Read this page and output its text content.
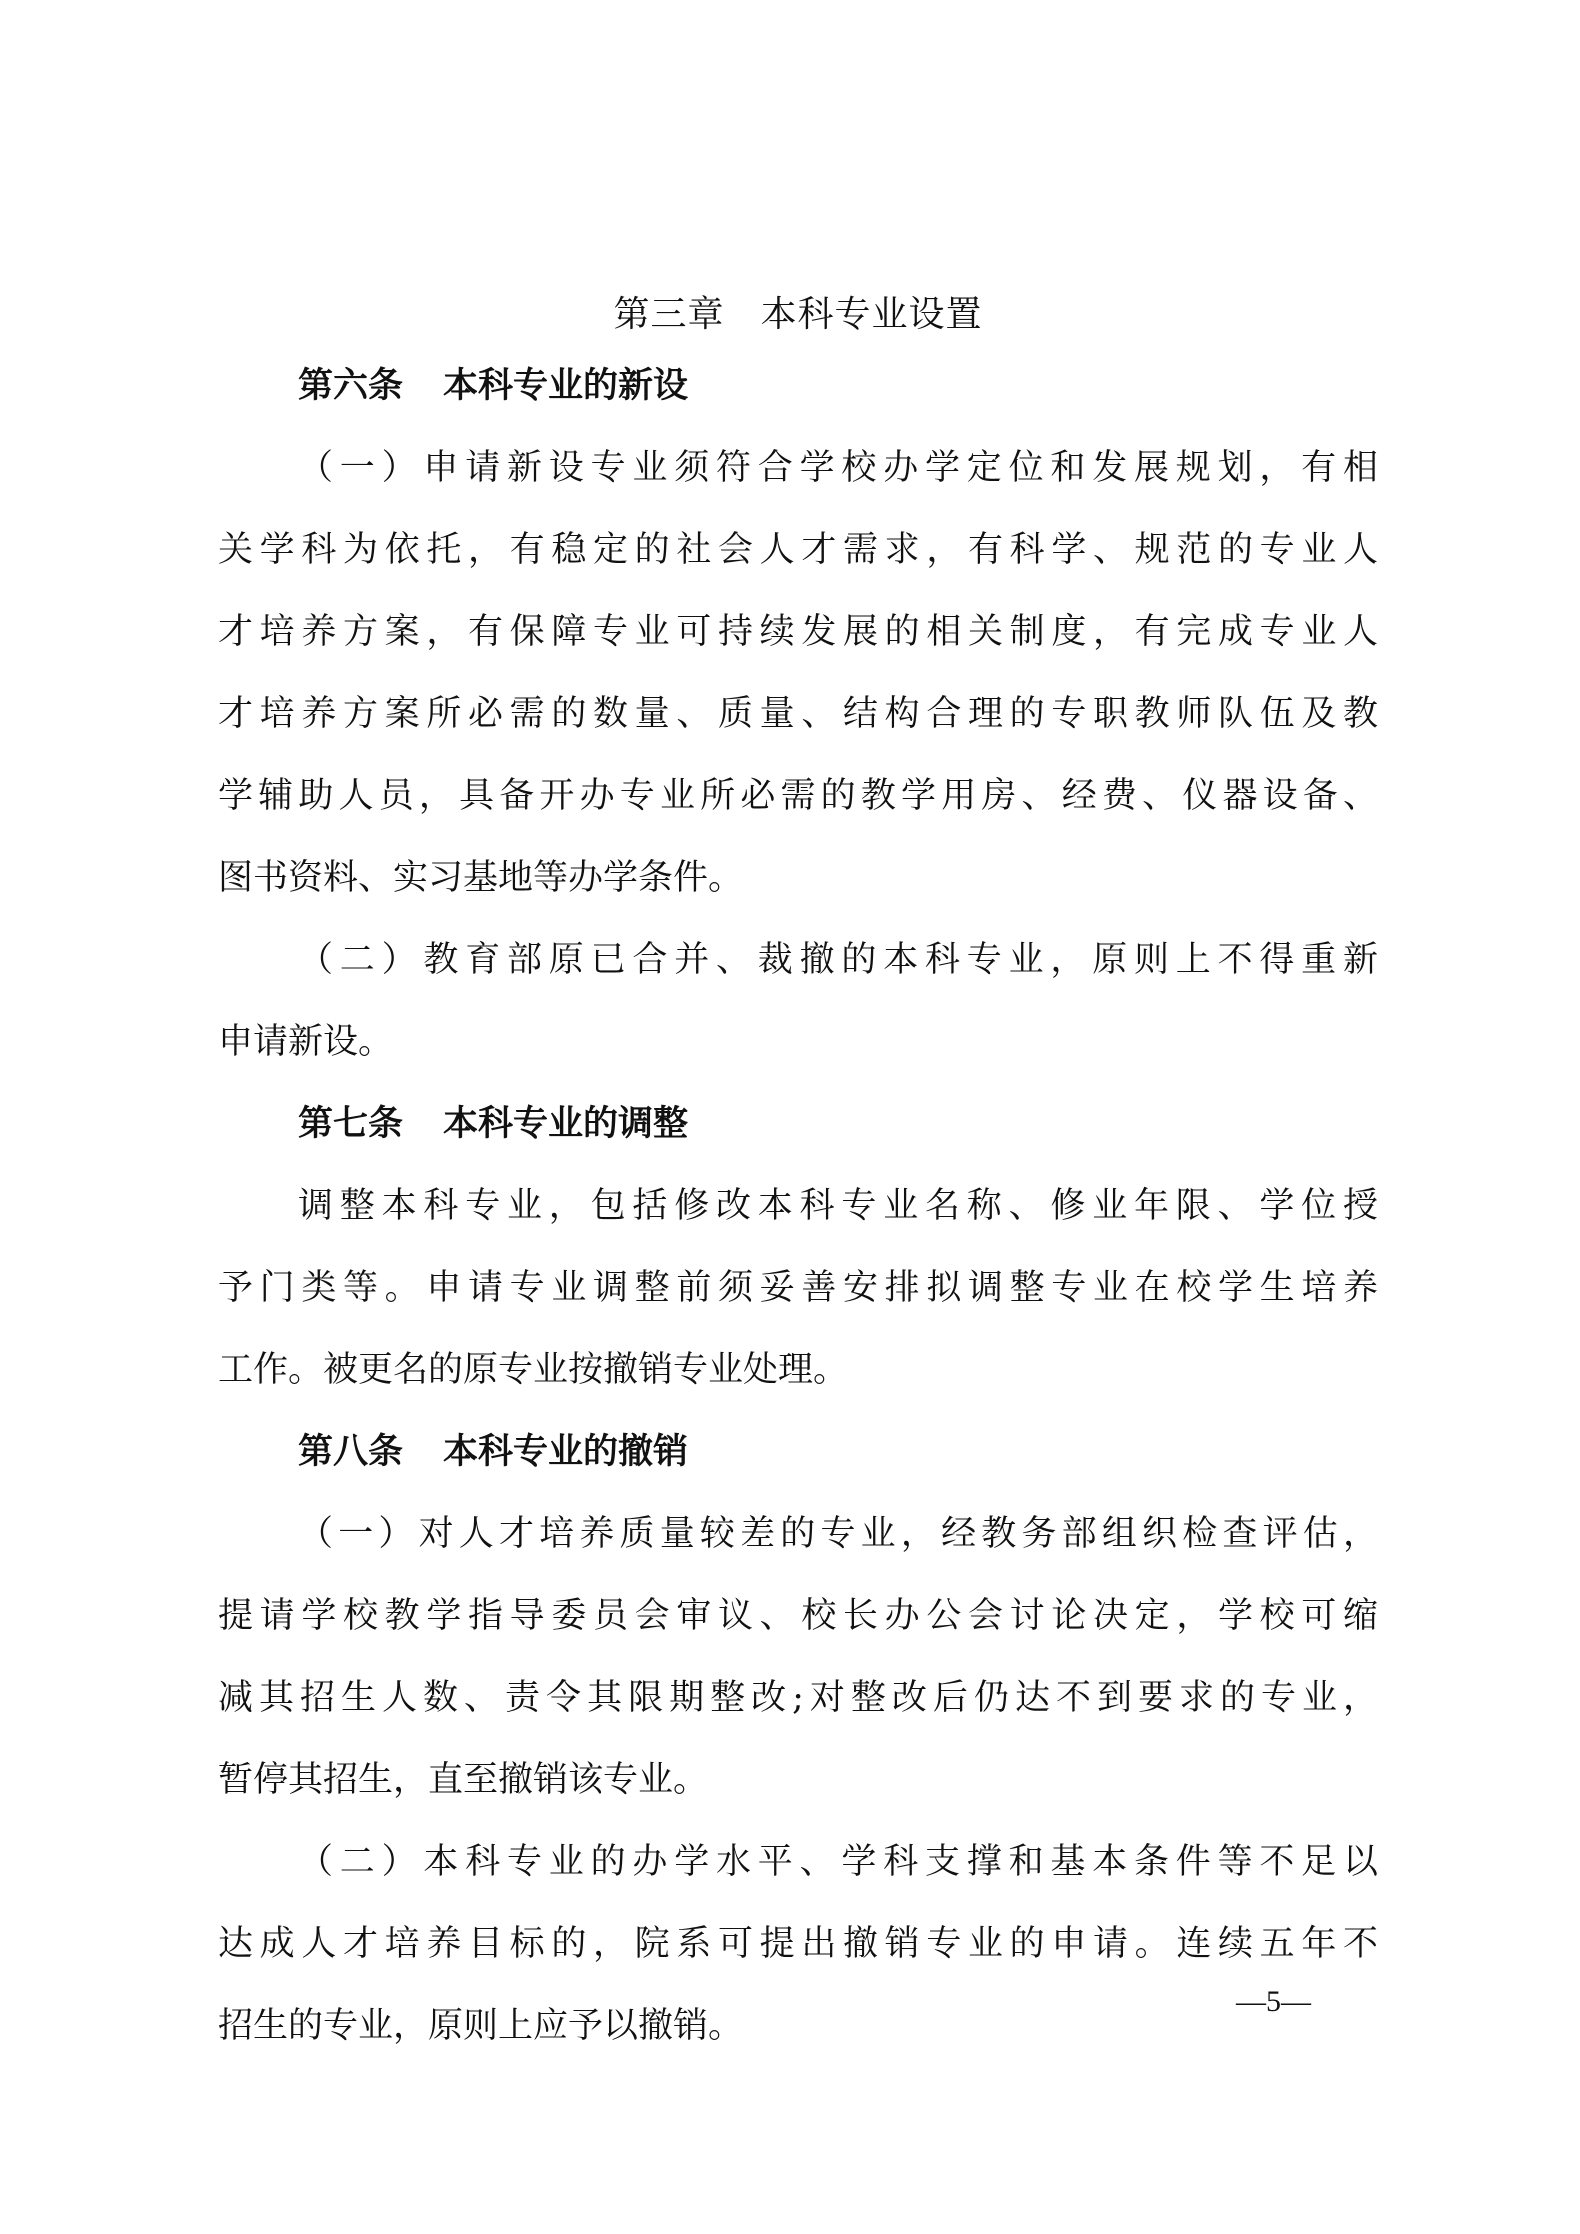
第三章 本科专业设置
第六条 本科专业的新设
（一）申请新设专业须符合学校办学定位和发展规划，有相
关学科为依托，有稳定的社会人才需求，有科学、规范的专业人
才培养方案，有保障专业可持续发展的相关制度，有完成专业人
才培养方案所必需的数量、质量、结构合理的专职教师队伍及教
学辅助人员，具备开办专业所必需的教学用房、经费、仪器设备、
图书资料、实习基地等办学条件。
（二）教育部原已合并、裁撤的本科专业，原则上不得重新
申请新设。
第七条 本科专业的调整
调整本科专业，包括修改本科专业名称、修业年限、学位授
予门类等。申请专业调整前须妥善安排拟调整专业在校学生培养
工作。被更名的原专业按撤销专业处理。
第八条 本科专业的撤销
（一）对人才培养质量较差的专业，经教务部组织检查评估，
提请学校教学指导委员会审议、校长办公会讨论决定，学校可缩
减其招生人数、责令其限期整改;对整改后仍达不到要求的专业，
暂停其招生，直至撤销该专业。
（二）本科专业的办学水平、学科支撑和基本条件等不足以
达成人才培养目标的，院系可提出撤销专业的申请。连续五年不
招生的专业，原则上应予以撤销。
—5—
